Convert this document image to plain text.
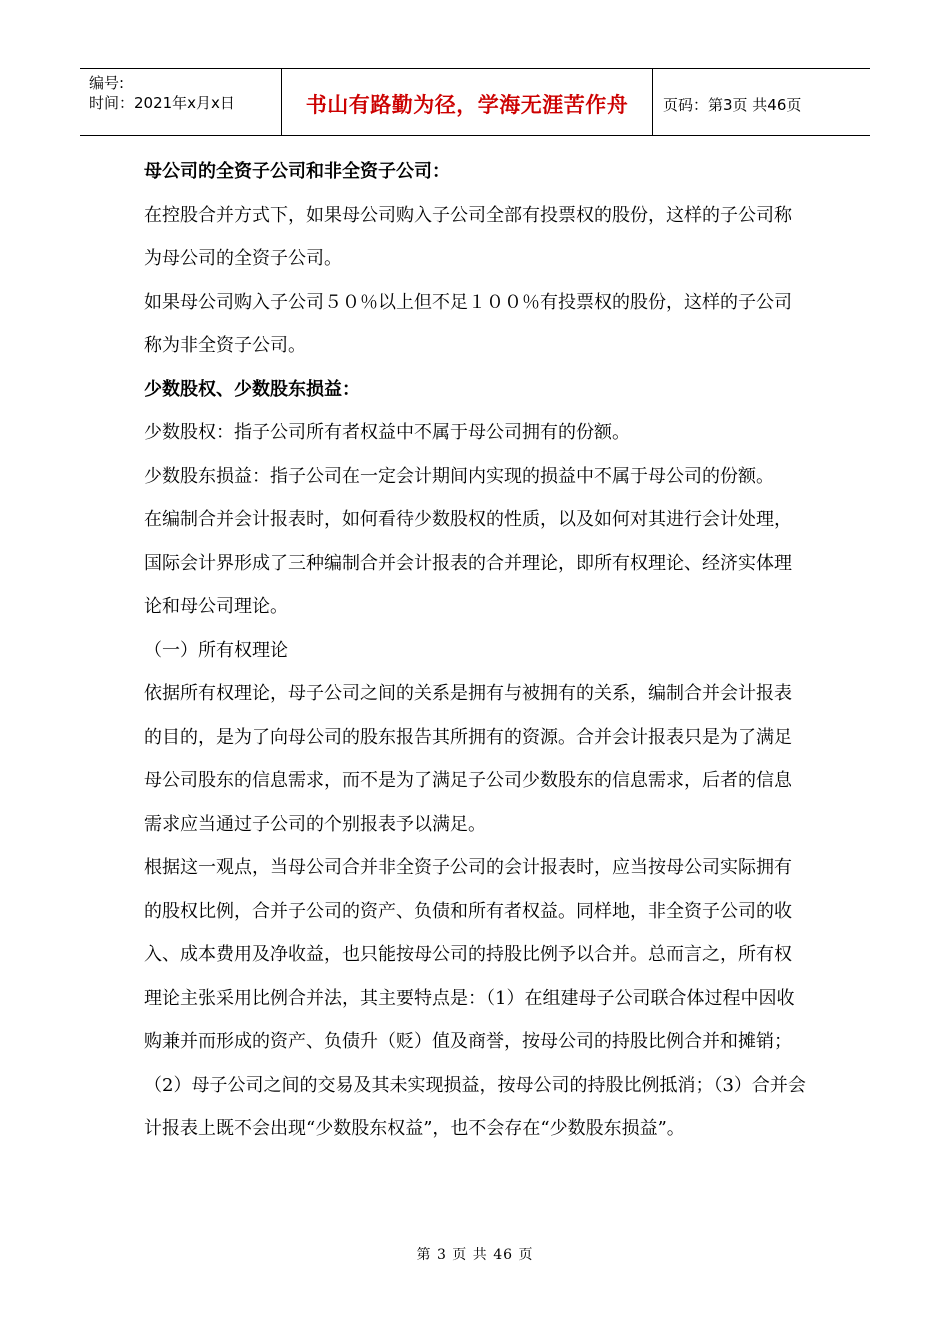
编号:
时间：2021年x月x日	书山有路勤为径，学海无涯苦作舟 页码：第3页 共46页

母公司的全资子公司和非全资子公司：

在控股合并方式下，如果母公司购入子公司全部有投票权的股份，这样的子公司称为母公司的全资子公司。

如果母公司购入子公司５０％以上但不足１００％有投票权的股份，这样的子公司称为非全资子公司。

少数股权、少数股东损益：

少数股权：指子公司所有者权益中不属于母公司拥有的份额。

少数股东损益：指子公司在一定会计期间内实现的损益中不属于母公司的份额。

在编制合并会计报表时，如何看待少数股权的性质，以及如何对其进行会计处理，国际会计界形成了三种编制合并会计报表的合并理论，即所有权理论、经济实体理论和母公司理论。

（一）所有权理论

依据所有权理论，母子公司之间的关系是拥有与被拥有的关系，编制合并会计报表的目的，是为了向母公司的股东报告其所拥有的资源。合并会计报表只是为了满足母公司股东的信息需求，而不是为了满足子公司少数股东的信息需求，后者的信息需求应当通过子公司的个别报表予以满足。

根据这一观点，当母公司合并非全资子公司的会计报表时，应当按母公司实际拥有的股权比例，合并子公司的资产、负债和所有者权益。同样地，非全资子公司的收入、成本费用及净收益，也只能按母公司的持股比例予以合并。总而言之，所有权理论主张采用比例合并法，其主要特点是：（1）在组建母子公司联合体过程中因收购兼并而形成的资产、负债升（贬）值及商誉，按母公司的持股比例合并和摊销；（2）母子公司之间的交易及其未实现损益，按母公司的持股比例抵消；（3）合并会计报表上既不会出现“少数股东权益”，也不会存在“少数股东损益”。

第 3 页 共 46 页
